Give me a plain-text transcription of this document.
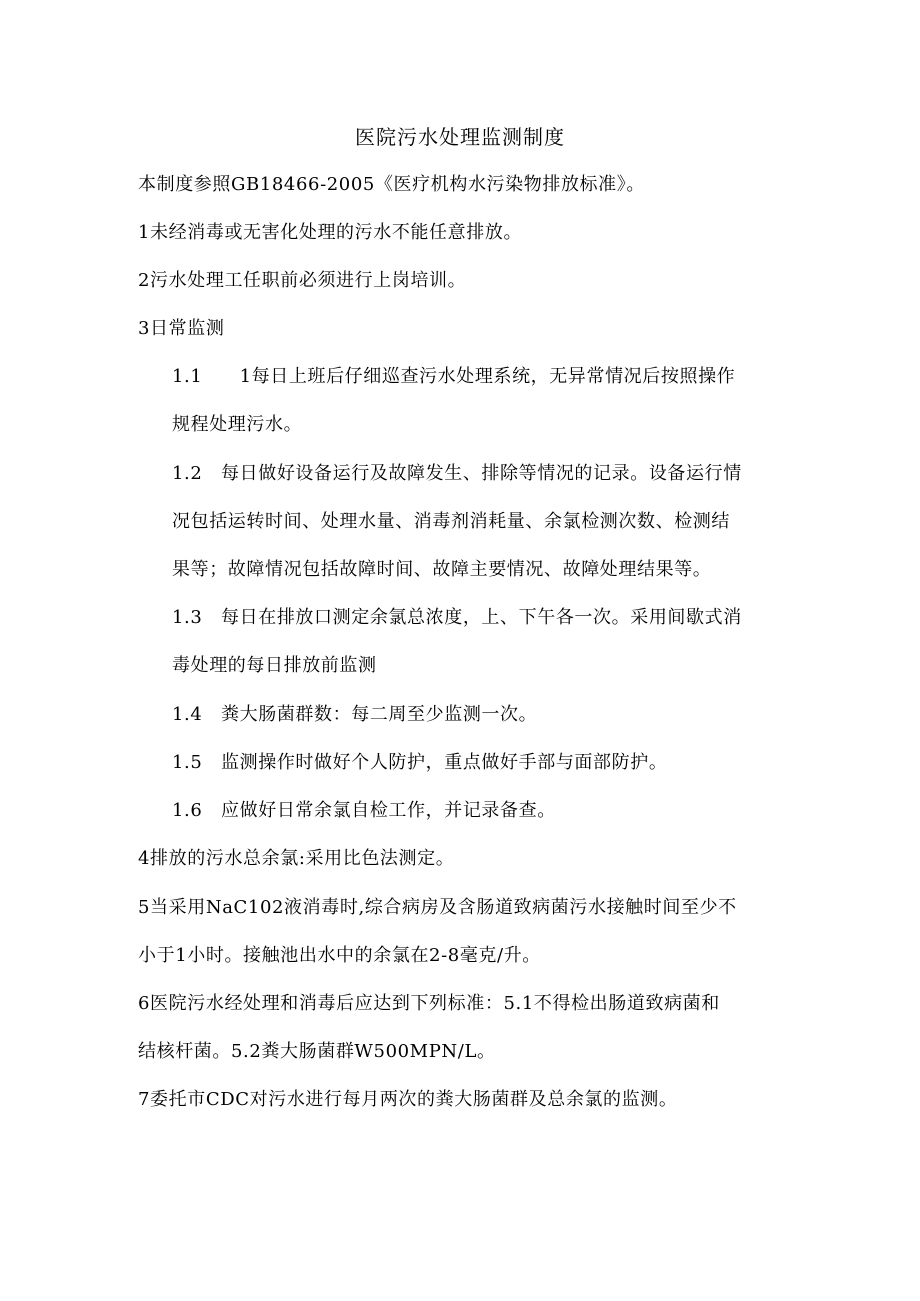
医院污水处理监测制度
本制度参照GB18466-2005《医疗机构水污染物排放标准》。
1未经消毒或无害化处理的污水不能任意排放。
2污水处理工任职前必须进行上岗培训。
3日常监测
1.1　　1每日上班后仔细巡查污水处理系统，无异常情况后按照操作
规程处理污水。
1.2　每日做好设备运行及故障发生、排除等情况的记录。设备运行情
况包括运转时间、处理水量、消毒剂消耗量、余氯检测次数、检测结
果等；故障情况包括故障时间、故障主要情况、故障处理结果等。
1.3　每日在排放口测定余氯总浓度，上、下午各一次。采用间歇式消
毒处理的每日排放前监测
1.4　粪大肠菌群数：每二周至少监测一次。
1.5　监测操作时做好个人防护，重点做好手部与面部防护。
1.6　应做好日常余氯自检工作，并记录备查。
4排放的污水总余氯:采用比色法测定。
5当采用NaC102液消毒时,综合病房及含肠道致病菌污水接触时间至少不
小于1小时。接触池出水中的余氯在2-8毫克/升。
6医院污水经处理和消毒后应达到下列标准：5.1不得检出肠道致病菌和
结核杆菌。5.2粪大肠菌群W500MPN/L。
7委托市CDC对污水进行每月两次的粪大肠菌群及总余氯的监测。
